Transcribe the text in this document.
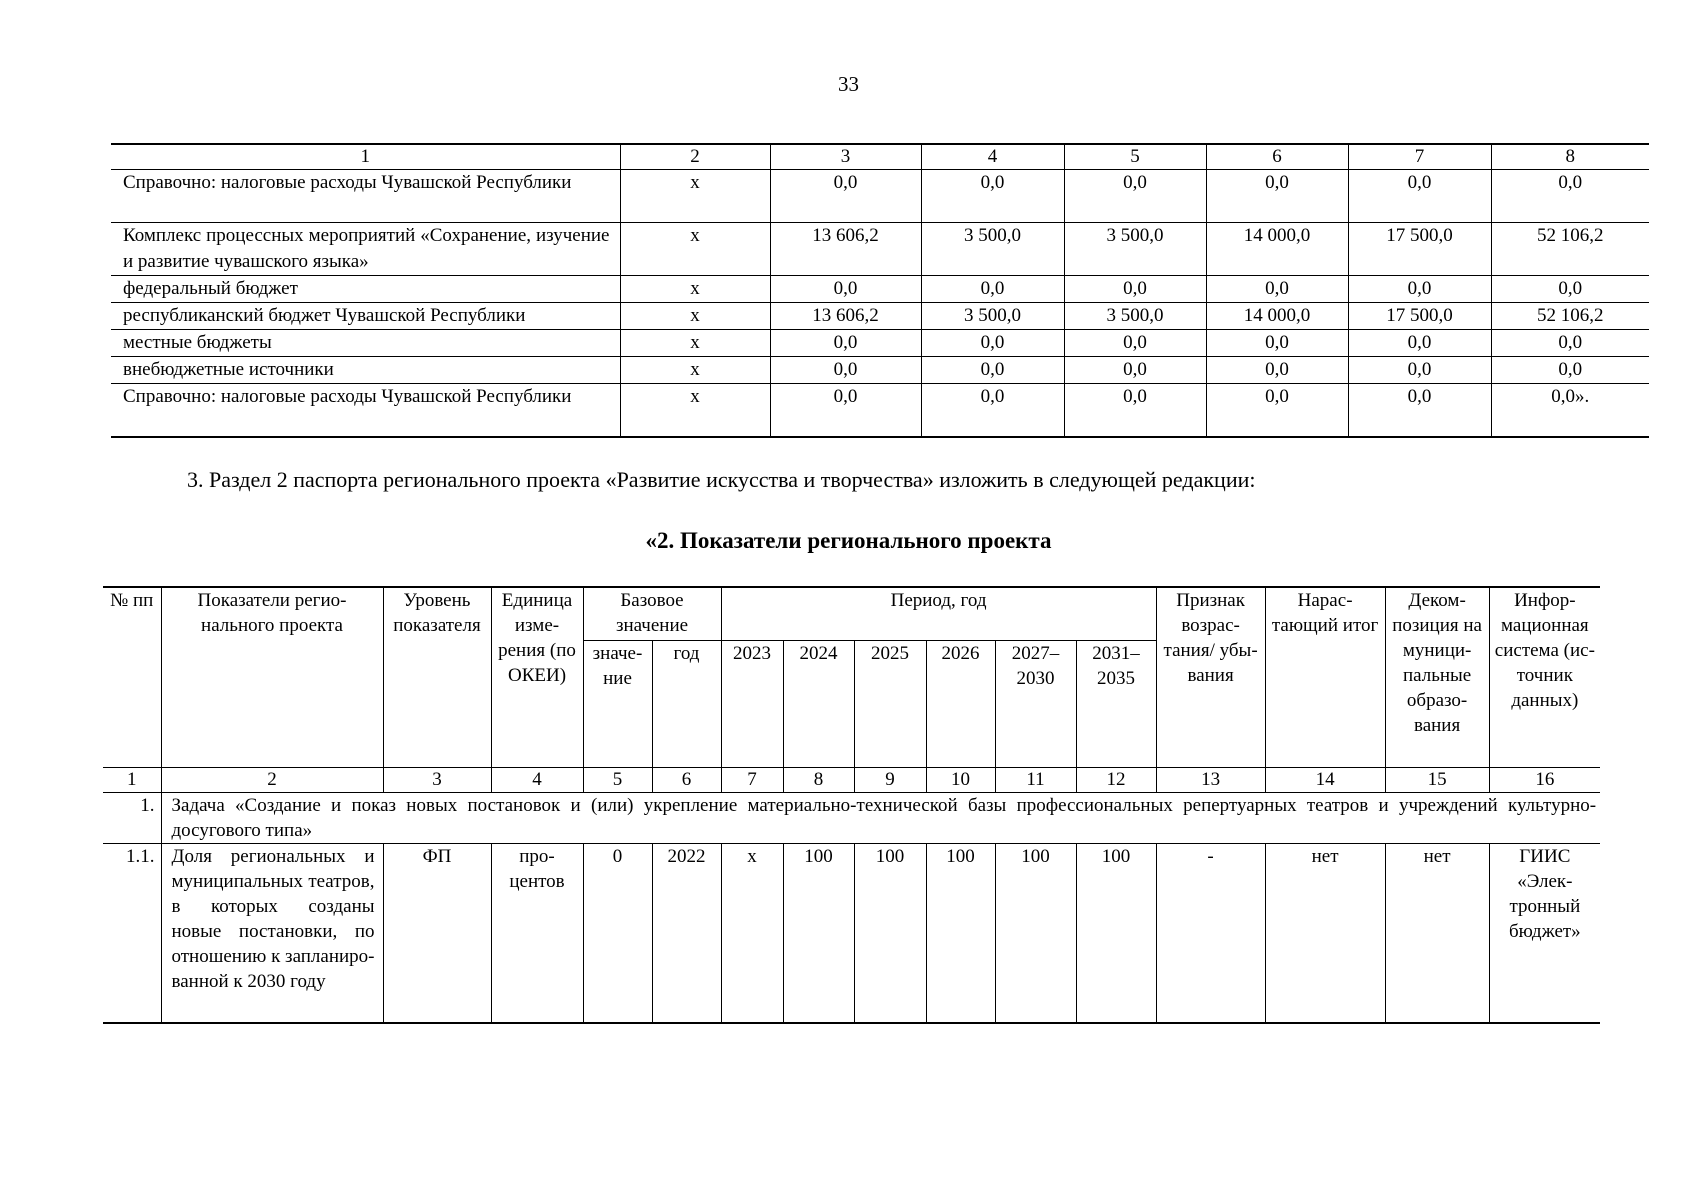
33
1	2	3	4	5	6	7	8
Справочно: налоговые расходы Чувашской Республики	х	0,0	0,0	0,0	0,0	0,0	0,0
Комплекс процессных мероприятий «Сохранение, изучение и развитие чувашского языка»	х	13 606,2	3 500,0	3 500,0	14 000,0	17 500,0	52 106,2
федеральный бюджет	х	0,0	0,0	0,0	0,0	0,0	0,0
республиканский бюджет Чувашской Республики	х	13 606,2	3 500,0	3 500,0	14 000,0	17 500,0	52 106,2
местные бюджеты	х	0,0	0,0	0,0	0,0	0,0	0,0
внебюджетные источники	х	0,0	0,0	0,0	0,0	0,0	0,0
Справочно: налоговые расходы Чувашской Республики	х	0,0	0,0	0,0	0,0	0,0	0,0».
3. Раздел 2 паспорта регионального проекта «Развитие искусства и творчества» изложить в следующей редакции:
«2. Показатели регионального проекта
№ пп	Показатели регионального проекта	Уровень показателя	Единица измерения (по ОКЕИ)	Базовое значение		Период, год						Признак возрастания/ убывания	Нарастающий итог	Декомпозиция на муниципальные образования	Информационная система (источник данных)
				значение	год	2023	2024	2025	2026	2027– 2030	2031– 2035				
1	2	3	4	5	6	7	8	9	10	11	12	13	14	15	16
1.	Задача «Создание и показ новых постановок и (или) укрепление материально-технической базы профессиональных репертуарных театров и учреждений культурно-досугового типа»														
1.1.	Доля региональных и муниципальных театров, в которых созданы новые постановки, по отношению к запланированной к 2030 году	ФП	процентов	0	2022	х	100	100	100	100	100	-	нет	нет	ГИИС «Электронный бюджет»
